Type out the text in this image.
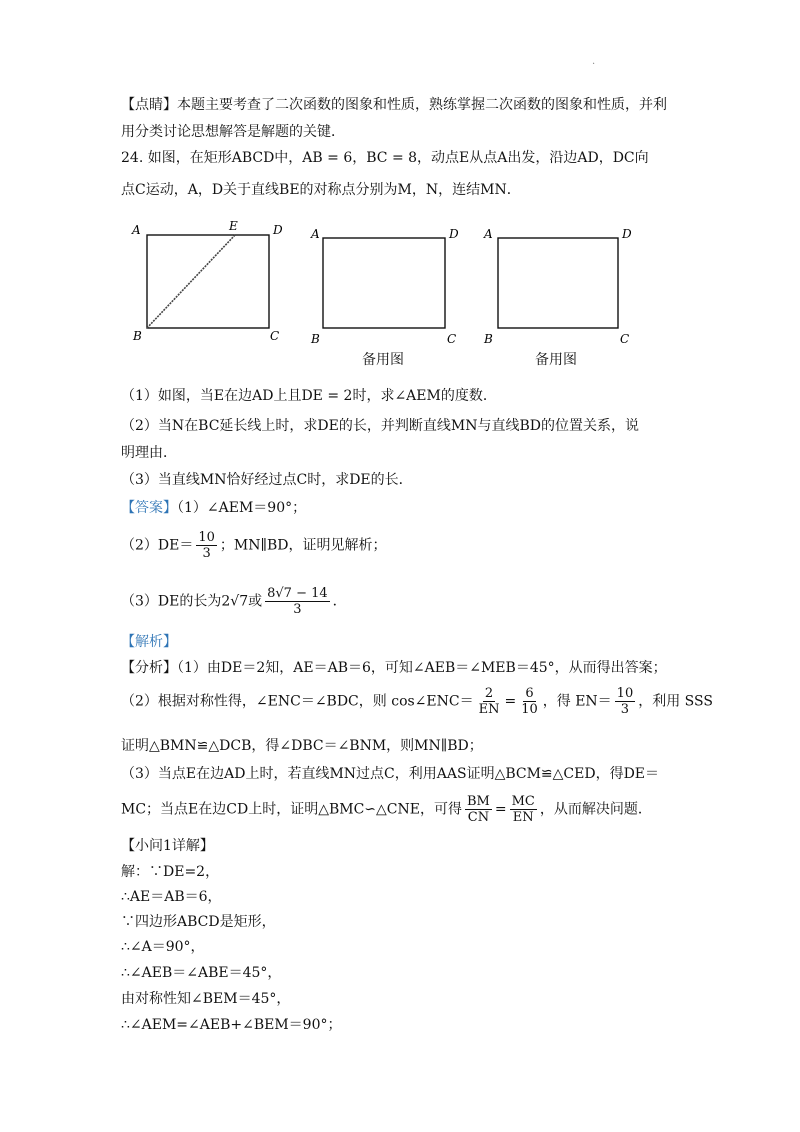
.
【点睛】本题主要考查了二次函数的图象和性质，熟练掌握二次函数的图象和性质，并利
用分类讨论思想解答是解题的关键．
24. 如图，在矩形ABCD中，AB = 6，BC = 8，动点E从点A出发，沿边AD，DC向
点C运动，A，D关于直线BE的对称点分别为M，N，连结MN．
A	E	D
B	C
A	D
B	C
备用图
A	D
B	C
备用图
（1）如图，当E在边AD上且DE = 2时，求∠AEM的度数．
（2）当N在BC延长线上时，求DE的长，并判断直线MN与直线BD的位置关系，说
明理由．
（3）当直线MN恰好经过点C时，求DE的长．
【答案】（1）∠AEM＝90°；
$(2)DE= \frac{10}{3}$ ；MN∥BD，证明见解析；
（3）DE的长为2√7或 $\frac{8√7 - 14}{3}$ ．
【解析】
【分析】（1）由DE＝2知，AE＝AB＝6，可知∠AEB＝∠MEB＝45°，从而得出答案；
（2）根据对称性得，∠ENC＝∠BDC，则 cos∠ENC＝ $\frac{2}{EN} = \frac{6}{10}$ ，得 $EN= \frac{10}{3}$ ，利用 SSS
证明△BMN≌△DCB，得∠DBC＝∠BNM，则MN∥BD；
（3）当点E在边AD上时，若直线MN过点C，利用AAS证明△BCM≌△CED，得DE＝
MC；当点E在边CD上时，证明△BMC∽△CNE，可得 $\frac{BM}{CN} = \frac{MC}{EN}$ ，从而解决问题．
【小问1详解】
解：∵DE=2，
∴AE＝AB＝6，
∵四边形ABCD是矩形，
∴∠A＝90°，
∴∠AEB＝∠ABE＝45°，
由对称性知∠BEM＝45°，
∴∠AEM=∠AEB+∠BEM＝90°；
